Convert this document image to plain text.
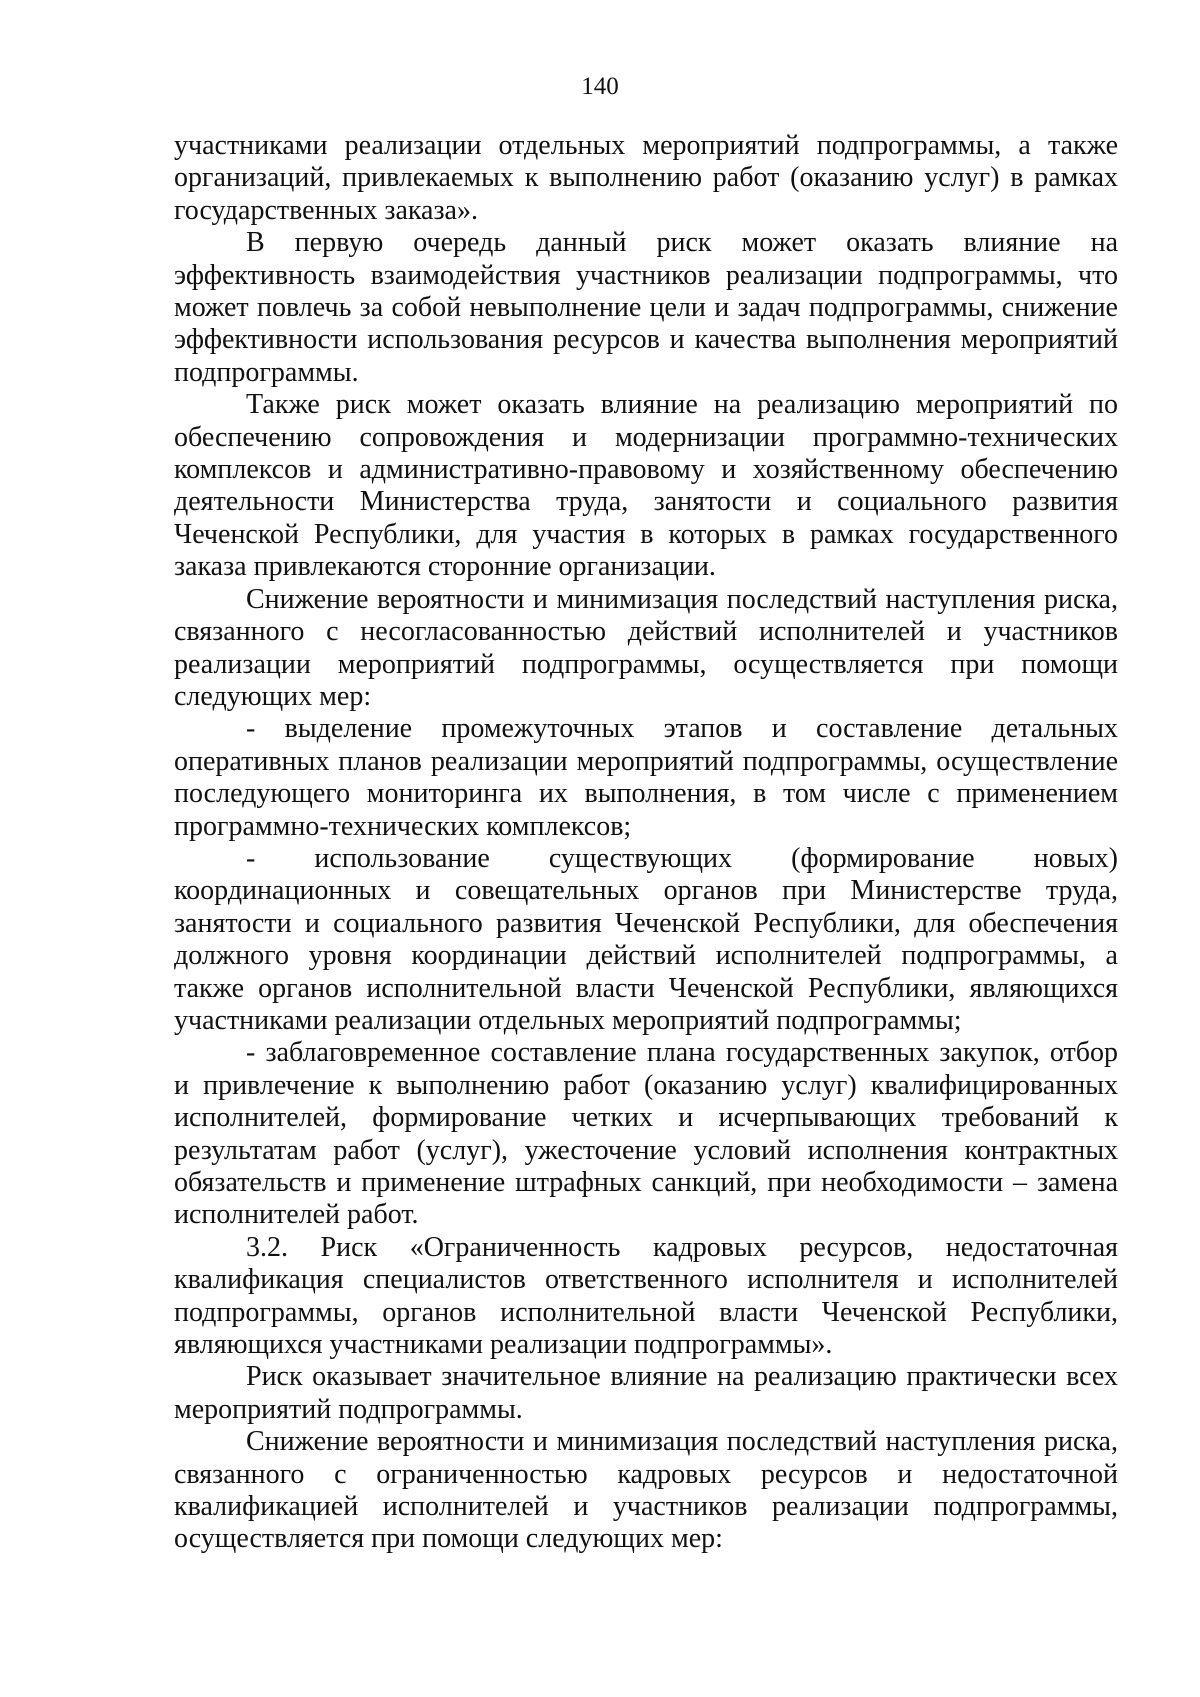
140

участниками реализации отдельных мероприятий подпрограммы, а также организаций, привлекаемых к выполнению работ (оказанию услуг) в рамках государственных заказа».

В первую очередь данный риск может оказать влияние на эффективность взаимодействия участников реализации подпрограммы, что может повлечь за собой невыполнение цели и задач подпрограммы, снижение эффективности использования ресурсов и качества выполнения мероприятий подпрограммы.

Также риск может оказать влияние на реализацию мероприятий по обеспечению сопровождения и модернизации программно-технических комплексов и административно-правовому и хозяйственному обеспечению деятельности Министерства труда, занятости и социального развития Чеченской Республики, для участия в которых в рамках государственного заказа привлекаются сторонние организации.

Снижение вероятности и минимизация последствий наступления риска, связанного с несогласованностью действий исполнителей и участников реализации мероприятий подпрограммы, осуществляется при помощи следующих мер:

- выделение промежуточных этапов и составление детальных оперативных планов реализации мероприятий подпрограммы, осуществление последующего мониторинга их выполнения, в том числе с применением программно-технических комплексов;

- использование существующих (формирование новых) координационных и совещательных органов при Министерстве труда, занятости и социального развития Чеченской Республики, для обеспечения должного уровня координации действий исполнителей подпрограммы, а также органов исполнительной власти Чеченской Республики, являющихся участниками реализации отдельных мероприятий подпрограммы;

- заблаговременное составление плана государственных закупок, отбор и привлечение к выполнению работ (оказанию услуг) квалифицированных исполнителей, формирование четких и исчерпывающих требований к результатам работ (услуг), ужесточение условий исполнения контрактных обязательств и применение штрафных санкций, при необходимости – замена исполнителей работ.

3.2. Риск «Ограниченность кадровых ресурсов, недостаточная квалификация специалистов ответственного исполнителя и исполнителей подпрограммы, органов исполнительной власти Чеченской Республики, являющихся участниками реализации подпрограммы».

Риск оказывает значительное влияние на реализацию практически всех мероприятий подпрограммы.

Снижение вероятности и минимизация последствий наступления риска, связанного с ограниченностью кадровых ресурсов и недостаточной квалификацией исполнителей и участников реализации подпрограммы, осуществляется при помощи следующих мер:
